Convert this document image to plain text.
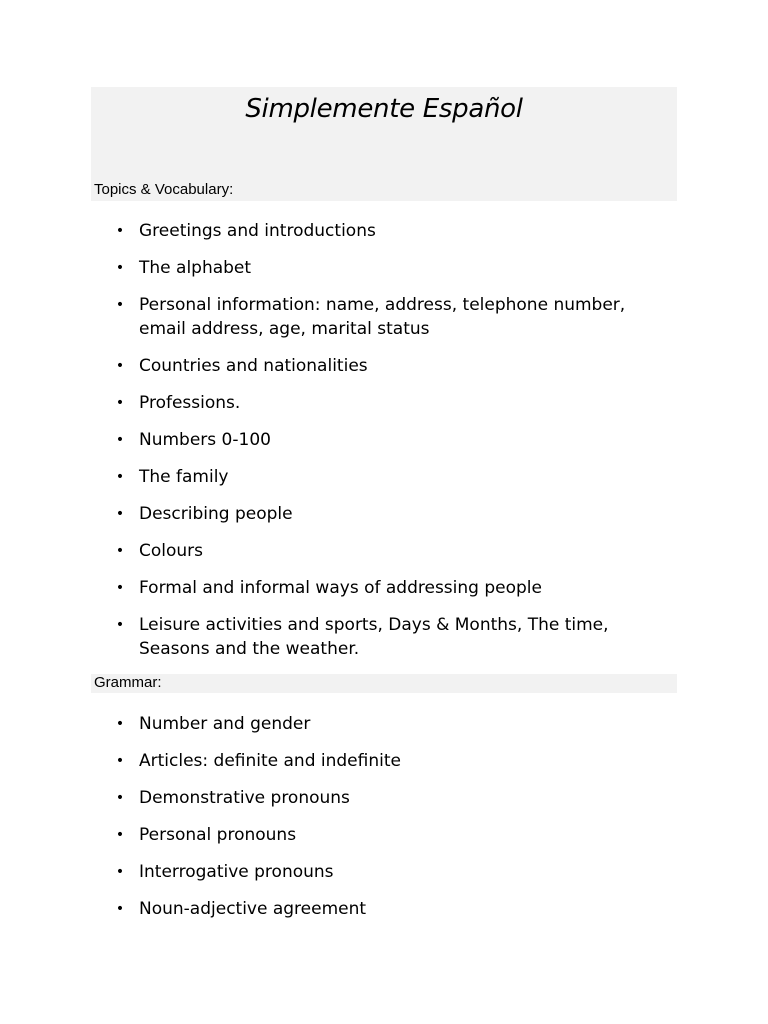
Simplemente Español

Topics & Vocabulary:

• Greetings and introductions
• The alphabet
• Personal information: name, address, telephone number, email address, age, marital status
• Countries and nationalities
• Professions.
• Numbers 0-100
• The family
• Describing people
• Colours
• Formal and informal ways of addressing people
• Leisure activities and sports, Days & Months, The time, Seasons and the weather.

Grammar:

• Number and gender
• Articles: definite and indefinite
• Demonstrative pronouns
• Personal pronouns
• Interrogative pronouns
• Noun-adjective agreement
